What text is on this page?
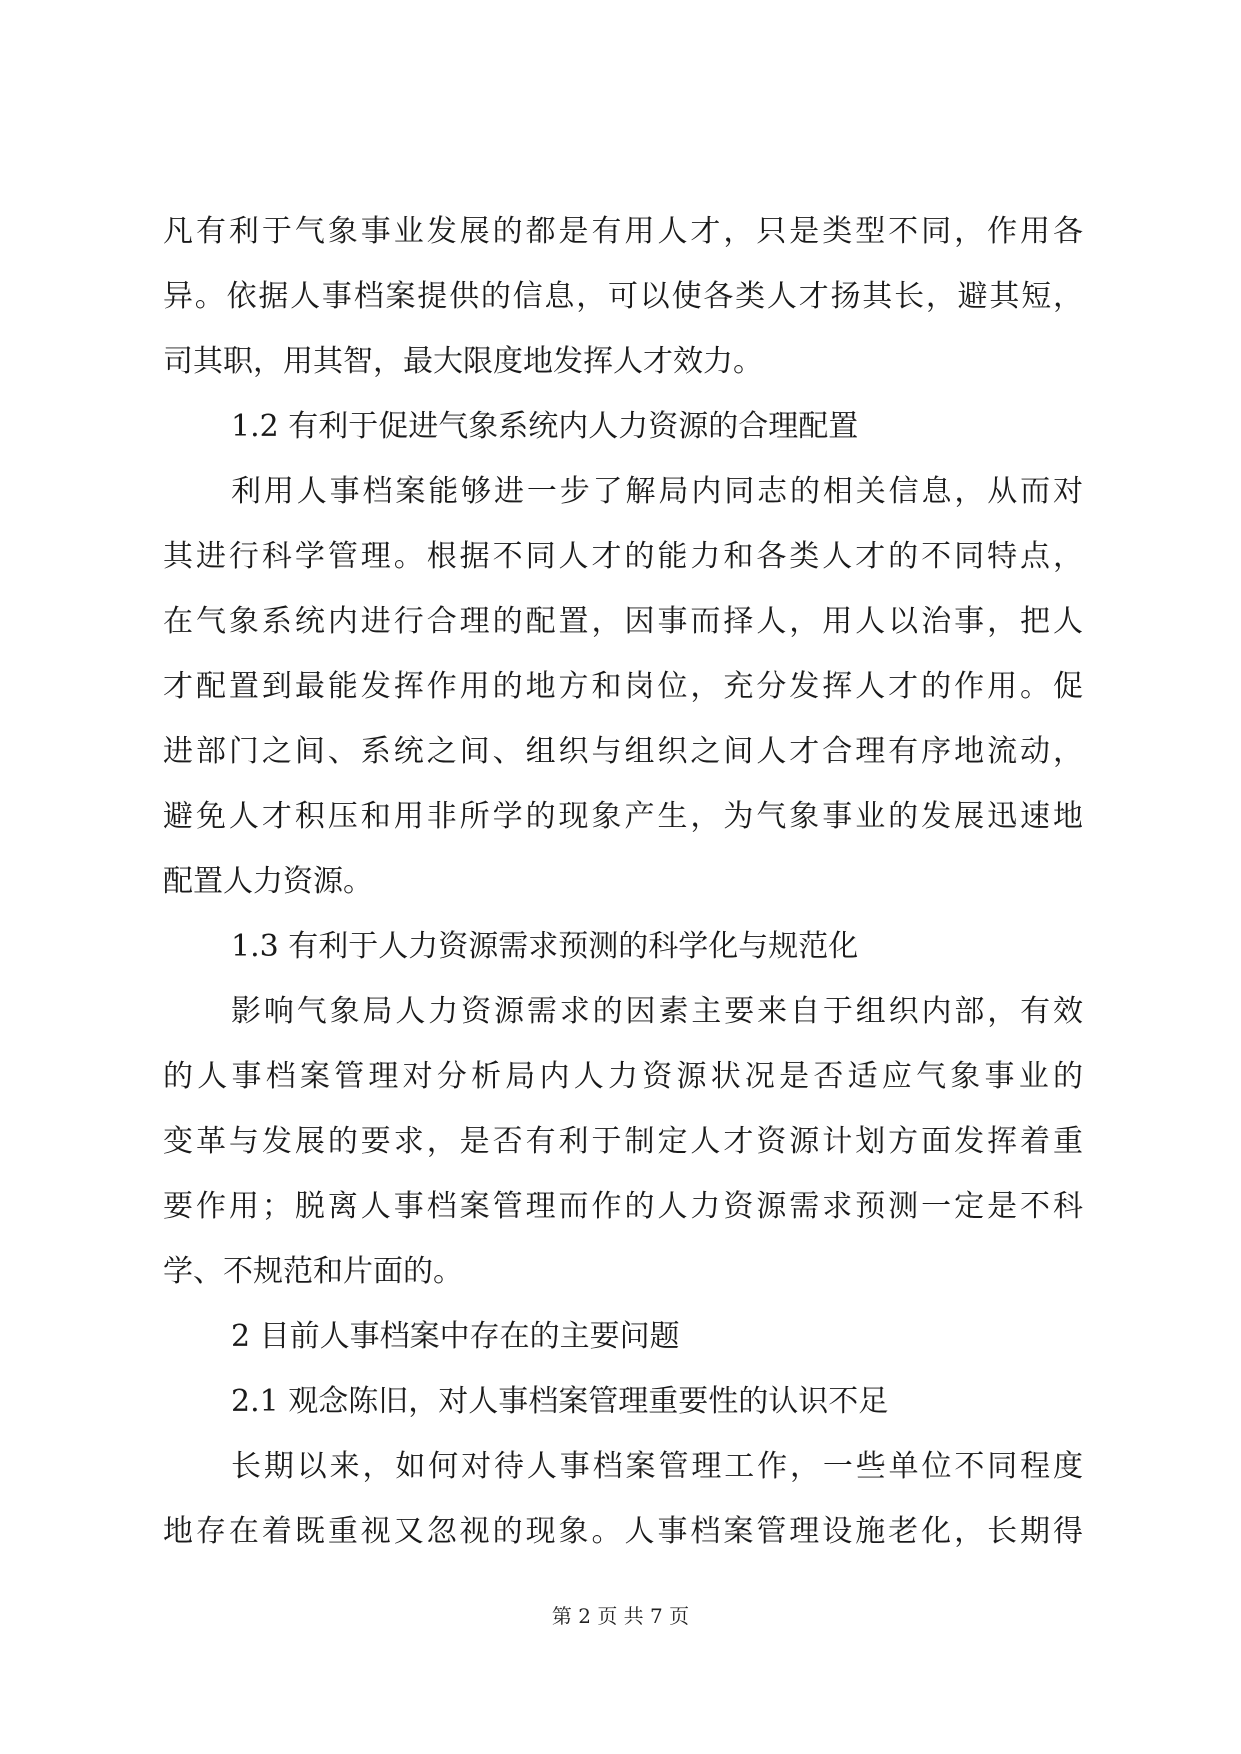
凡有利于气象事业发展的都是有用人才，只是类型不同，作用各
异。依据人事档案提供的信息，可以使各类人才扬其长，避其短，
司其职，用其智，最大限度地发挥人才效力。
1.2 有利于促进气象系统内人力资源的合理配置
利用人事档案能够进一步了解局内同志的相关信息，从而对
其进行科学管理。根据不同人才的能力和各类人才的不同特点，
在气象系统内进行合理的配置，因事而择人，用人以治事，把人
才配置到最能发挥作用的地方和岗位，充分发挥人才的作用。促
进部门之间、系统之间、组织与组织之间人才合理有序地流动，
避免人才积压和用非所学的现象产生，为气象事业的发展迅速地
配置人力资源。
1.3 有利于人力资源需求预测的科学化与规范化
影响气象局人力资源需求的因素主要来自于组织内部，有效
的人事档案管理对分析局内人力资源状况是否适应气象事业的
变革与发展的要求，是否有利于制定人才资源计划方面发挥着重
要作用；脱离人事档案管理而作的人力资源需求预测一定是不科
学、不规范和片面的。
2 目前人事档案中存在的主要问题
2.1 观念陈旧，对人事档案管理重要性的认识不足
长期以来，如何对待人事档案管理工作，一些单位不同程度
地存在着既重视又忽视的现象。人事档案管理设施老化，长期得
第 2 页 共 7 页
